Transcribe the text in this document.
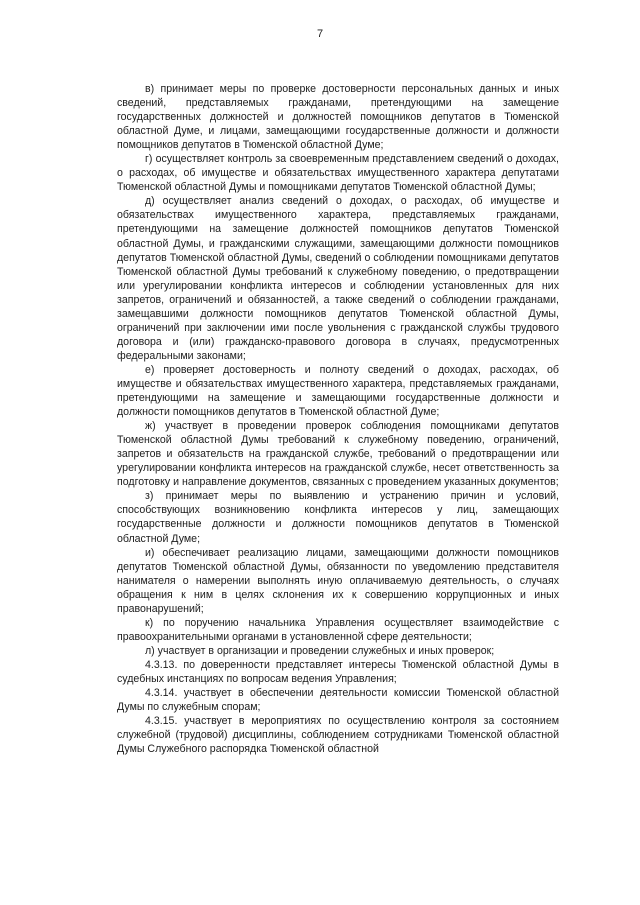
7

в) принимает меры по проверке достоверности персональных данных и иных сведений, представляемых гражданами, претендующими на замещение государственных должностей и должностей помощников депутатов в Тюменской областной Думе, и лицами, замещающими государственные должности и должности помощников депутатов в Тюменской областной Думе;

г) осуществляет контроль за своевременным представлением сведений о доходах, о расходах, об имуществе и обязательствах имущественного характера депутатами Тюменской областной Думы и помощниками депутатов Тюменской областной Думы;

д) осуществляет анализ сведений о доходах, о расходах, об имуществе и обязательствах имущественного характера, представляемых гражданами, претендующими на замещение должностей помощников депутатов Тюменской областной Думы, и гражданскими служащими, замещающими должности помощников депутатов Тюменской областной Думы, сведений о соблюдении помощниками депутатов Тюменской областной Думы требований к служебному поведению, о предотвращении или урегулировании конфликта интересов и соблюдении установленных для них запретов, ограничений и обязанностей, а также сведений о соблюдении гражданами, замещавшими должности помощников депутатов Тюменской областной Думы, ограничений при заключении ими после увольнения с гражданской службы трудового договора и (или) гражданско-правового договора в случаях, предусмотренных федеральными законами;

е) проверяет достоверность и полноту сведений о доходах, расходах, об имуществе и обязательствах имущественного характера, представляемых гражданами, претендующими на замещение и замещающими государственные должности и должности помощников депутатов в Тюменской областной Думе;

ж) участвует в проведении проверок соблюдения помощниками депутатов Тюменской областной Думы требований к служебному поведению, ограничений, запретов и обязательств на гражданской службе, требований о предотвращении или урегулировании конфликта интересов на гражданской службе, несет ответственность за подготовку и направление документов, связанных с проведением указанных документов;

з) принимает меры по выявлению и устранению причин и условий, способствующих возникновению конфликта интересов у лиц, замещающих государственные должности и должности помощников депутатов в Тюменской областной Думе;

и) обеспечивает реализацию лицами, замещающими должности помощников депутатов Тюменской областной Думы, обязанности по уведомлению представителя нанимателя о намерении выполнять иную оплачиваемую деятельность, о случаях обращения к ним в целях склонения их к совершению коррупционных и иных правонарушений;

к) по поручению начальника Управления осуществляет взаимодействие с правоохранительными органами в установленной сфере деятельности;

л) участвует в организации и проведении служебных и иных проверок;

4.3.13. по доверенности представляет интересы Тюменской областной Думы в судебных инстанциях по вопросам ведения Управления;

4.3.14. участвует в обеспечении деятельности комиссии Тюменской областной Думы по служебным спорам;

4.3.15. участвует в мероприятиях по осуществлению контроля за состоянием служебной (трудовой) дисциплины, соблюдением сотрудниками Тюменской областной Думы Служебного распорядка Тюменской областной
